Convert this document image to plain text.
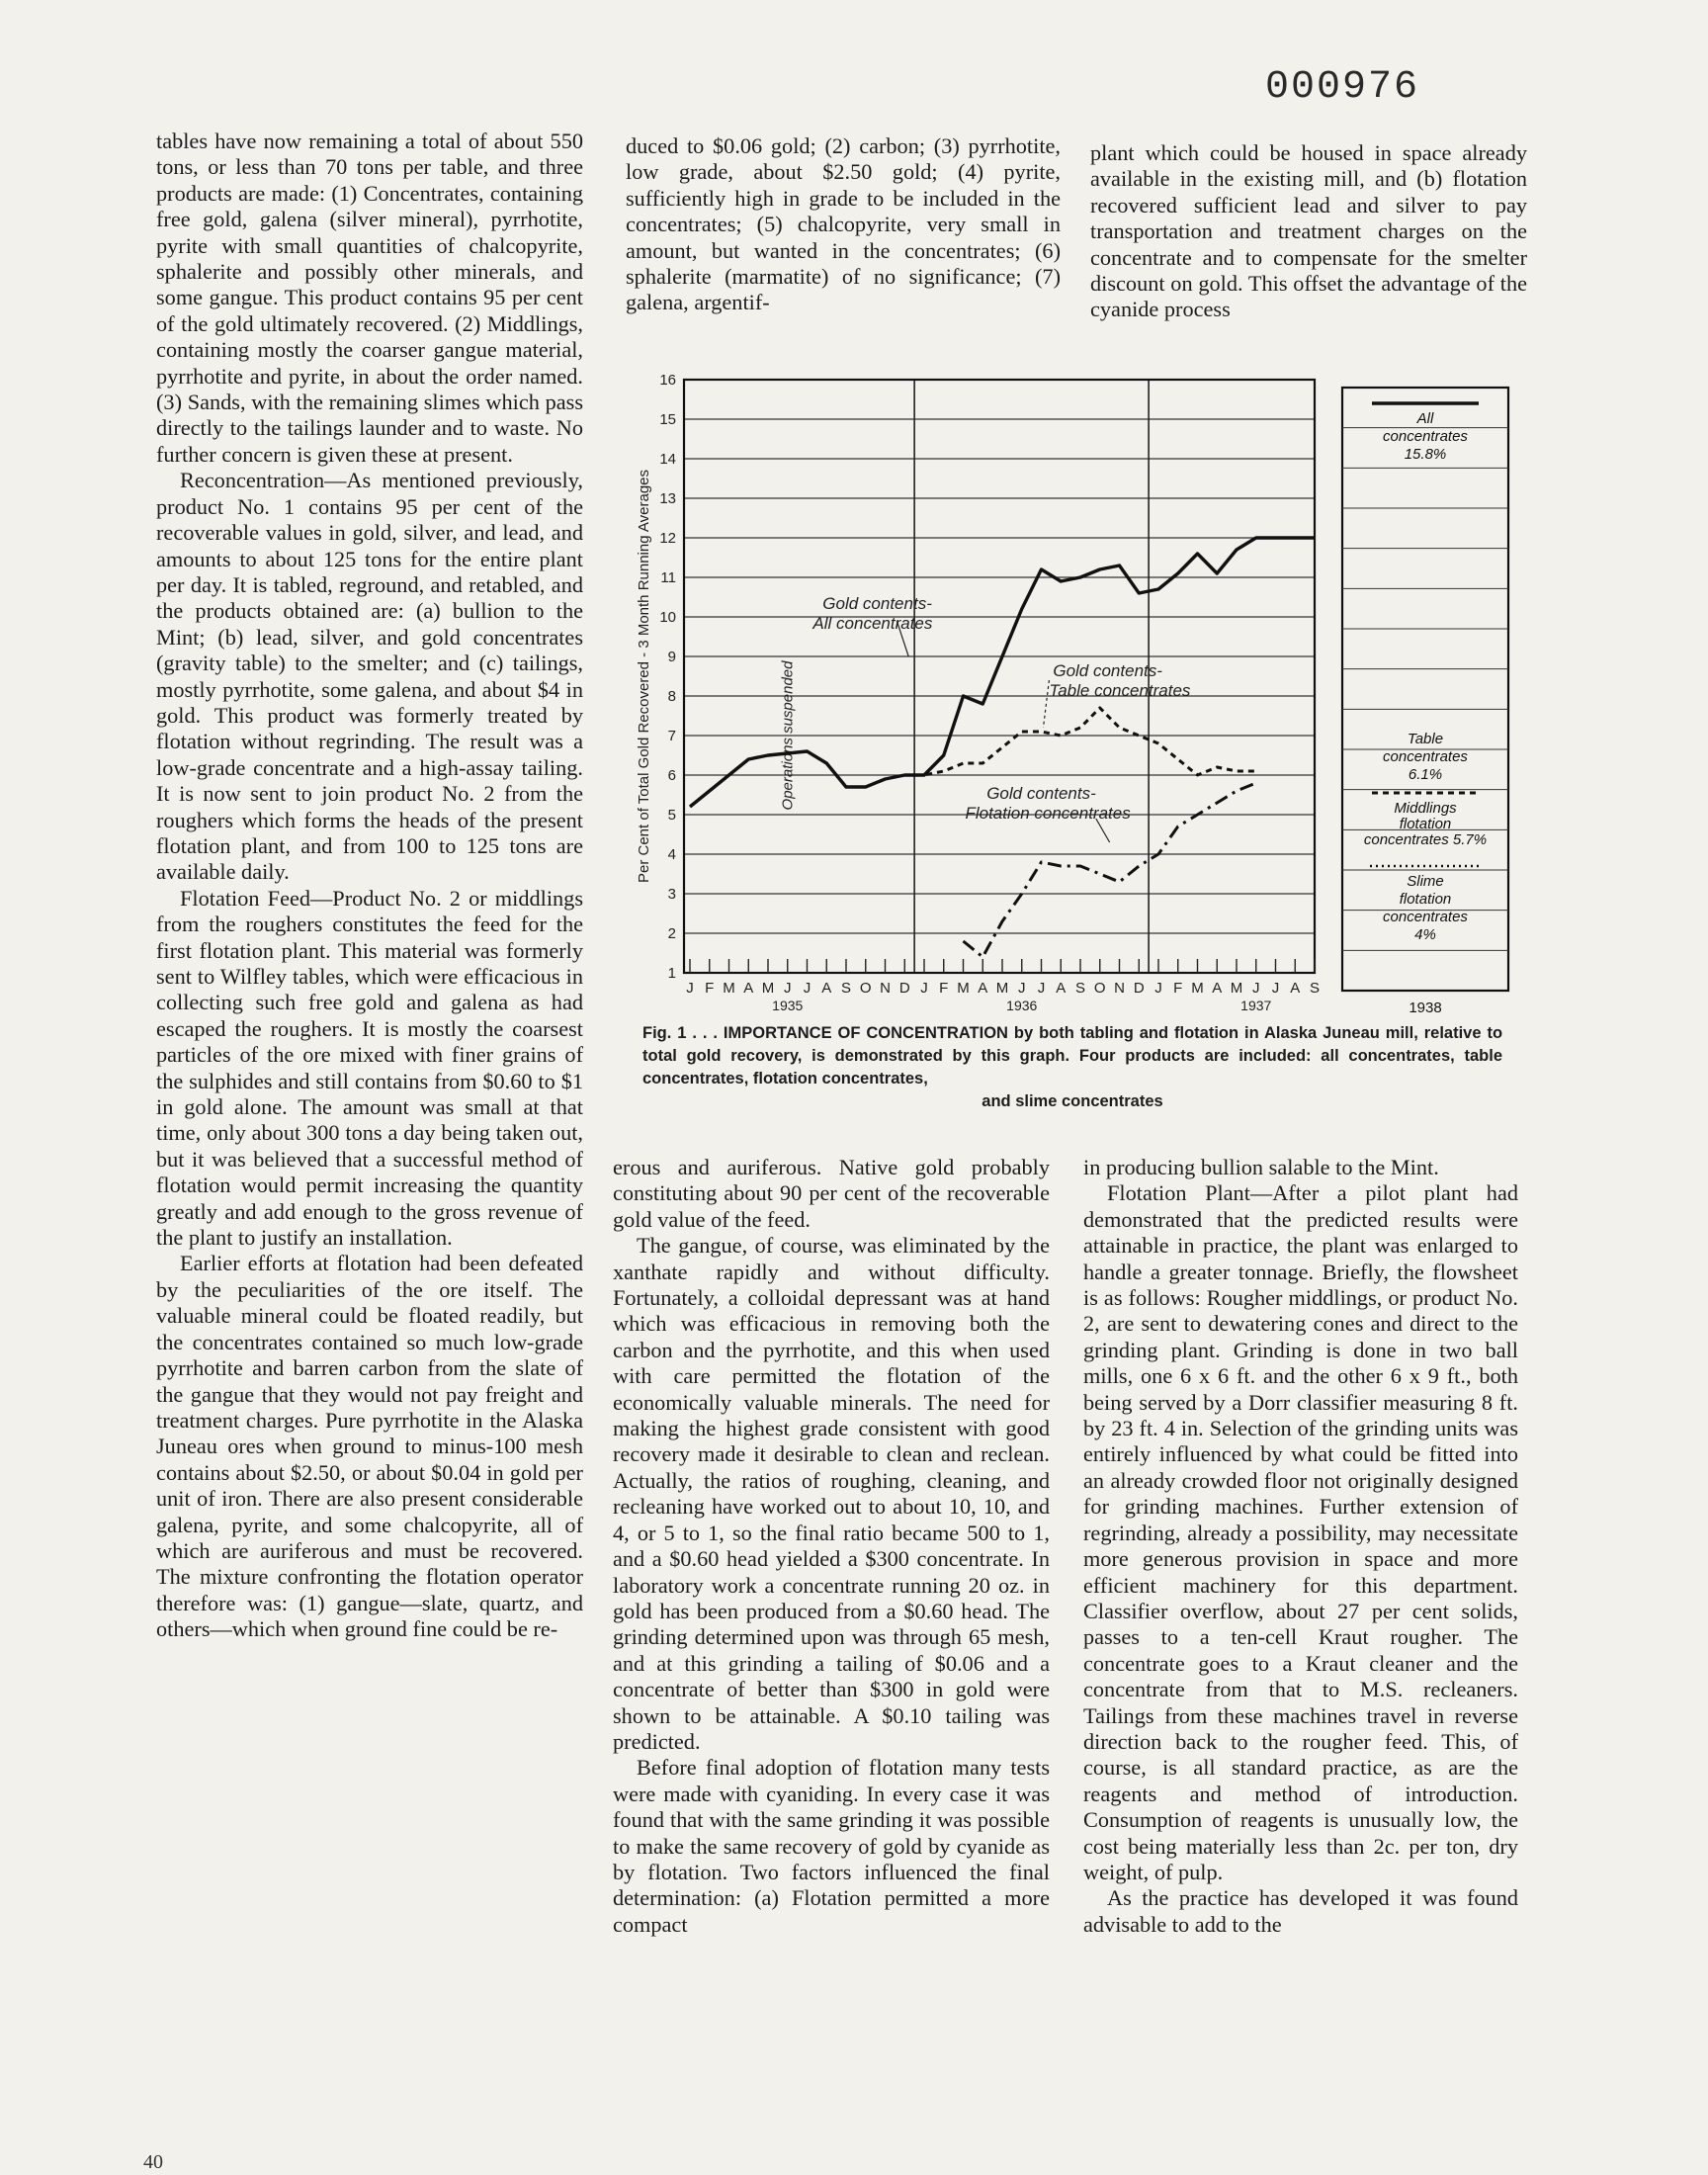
000976

tables have now remaining a total of about 550 tons, or less than 70 tons per table, and three products are made: (1) Concentrates, containing free gold, galena (silver mineral), pyrrhotite, pyrite with small quantities of chalcopyrite, sphalerite and possibly other minerals, and some gangue. This product contains 95 per cent of the gold ultimately recovered. (2) Middlings, containing mostly the coarser gangue material, pyrrhotite and pyrite, in about the order named. (3) Sands, with the remaining slimes which pass directly to the tailings launder and to waste. No further concern is given these at present.

Reconcentration—As mentioned previously, product No. 1 contains 95 per cent of the recoverable values in gold, silver, and lead, and amounts to about 125 tons for the entire plant per day. It is tabled, reground, and retabled, and the products obtained are: (a) bullion to the Mint; (b) lead, silver, and gold concentrates (gravity table) to the smelter; and (c) tailings, mostly pyrrhotite, some galena, and about $4 in gold. This product was formerly treated by flotation without regrinding. The result was a low-grade concentrate and a high-assay tailing. It is now sent to join product No. 2 from the roughers which forms the heads of the present flotation plant, and from 100 to 125 tons are available daily.

Flotation Feed—Product No. 2 or middlings from the roughers constitutes the feed for the first flotation plant. This material was formerly sent to Wilfley tables, which were efficacious in collecting such free gold and galena as had escaped the roughers. It is mostly the coarsest particles of the ore mixed with finer grains of the sulphides and still contains from $0.60 to $1 in gold alone. The amount was small at that time, only about 300 tons a day being taken out, but it was believed that a successful method of flotation would permit increasing the quantity greatly and add enough to the gross revenue of the plant to justify an installation.

Earlier efforts at flotation had been defeated by the peculiarities of the ore itself. The valuable mineral could be floated readily, but the concentrates contained so much low-grade pyrrhotite and barren carbon from the slate of the gangue that they would not pay freight and treatment charges. Pure pyrrhotite in the Alaska Juneau ores when ground to minus-100 mesh contains about $2.50, or about $0.04 in gold per unit of iron. There are also present considerable galena, pyrite, and some chalcopyrite, all of which are auriferous and must be recovered. The mixture confronting the flotation operator therefore was: (1) gangue—slate, quartz, and others—which when ground fine could be re-

duced to $0.06 gold; (2) carbon; (3) pyrrhotite, low grade, about $2.50 gold; (4) pyrite, sufficiently high in grade to be included in the concentrates; (5) chalcopyrite, very small in amount, but wanted in the concentrates; (6) sphalerite (marmatite) of no significance; (7) galena, argentif-

plant which could be housed in space already available in the existing mill, and (b) flotation recovered sufficient lead and silver to pay transportation and treatment charges on the concentrate and to compensate for the smelter discount on gold. This offset the advantage of the cyanide process

1
2
3
4
5
6
7
8
9
10
11
12
13
14
15
16
J F M A M J J A S O N D J F M A M J J A S O N D J F M A M J J A S
1935	1936	1937
Per Cent of Total Gold Recovered - 3 Month Running Averages	Operations suspended
Gold contents-
All concentrates
Gold contents-
Table concentrates
Gold contents-
Flotation concentrates
All
concentrates
15.8%
Table
concentrates
6.1%
Middlings
flotation
concentrates 5.7%
Slime
flotation
concentrates
4%
1938
Fig. 1 . . . IMPORTANCE OF CONCENTRATION by both tabling and flotation in Alaska Juneau mill, relative to total gold recovery, is demonstrated by this graph. Four products are included: all concentrates, table concentrates, flotation concentrates,
and slime concentrates

erous and auriferous. Native gold probably constituting about 90 per cent of the recoverable gold value of the feed.

The gangue, of course, was eliminated by the xanthate rapidly and without difficulty. Fortunately, a colloidal depressant was at hand which was efficacious in removing both the carbon and the pyrrhotite, and this when used with care permitted the flotation of the economically valuable minerals. The need for making the highest grade consistent with good recovery made it desirable to clean and reclean. Actually, the ratios of roughing, cleaning, and recleaning have worked out to about 10, 10, and 4, or 5 to 1, so the final ratio became 500 to 1, and a $0.60 head yielded a $300 concentrate. In laboratory work a concentrate running 20 oz. in gold has been produced from a $0.60 head. The grinding determined upon was through 65 mesh, and at this grinding a tailing of $0.06 and a concentrate of better than $300 in gold were shown to be attainable. A $0.10 tailing was predicted.

Before final adoption of flotation many tests were made with cyaniding. In every case it was found that with the same grinding it was possible to make the same recovery of gold by cyanide as by flotation. Two factors influenced the final determination: (a) Flotation permitted a more compact

in producing bullion salable to the Mint.

Flotation Plant—After a pilot plant had demonstrated that the predicted results were attainable in practice, the plant was enlarged to handle a greater tonnage. Briefly, the flowsheet is as follows: Rougher middlings, or product No. 2, are sent to dewatering cones and direct to the grinding plant. Grinding is done in two ball mills, one 6 x 6 ft. and the other 6 x 9 ft., both being served by a Dorr classifier measuring 8 ft. by 23 ft. 4 in. Selection of the grinding units was entirely influenced by what could be fitted into an already crowded floor not originally designed for grinding machines. Further extension of regrinding, already a possibility, may necessitate more generous provision in space and more efficient machinery for this department. Classifier overflow, about 27 per cent solids, passes to a ten-cell Kraut rougher. The concentrate goes to a Kraut cleaner and the concentrate from that to M.S. recleaners. Tailings from these machines travel in reverse direction back to the rougher feed. This, of course, is all standard practice, as are the reagents and method of introduction. Consumption of reagents is unusually low, the cost being materially less than 2c. per ton, dry weight, of pulp.

As the practice has developed it was found advisable to add to the

40
